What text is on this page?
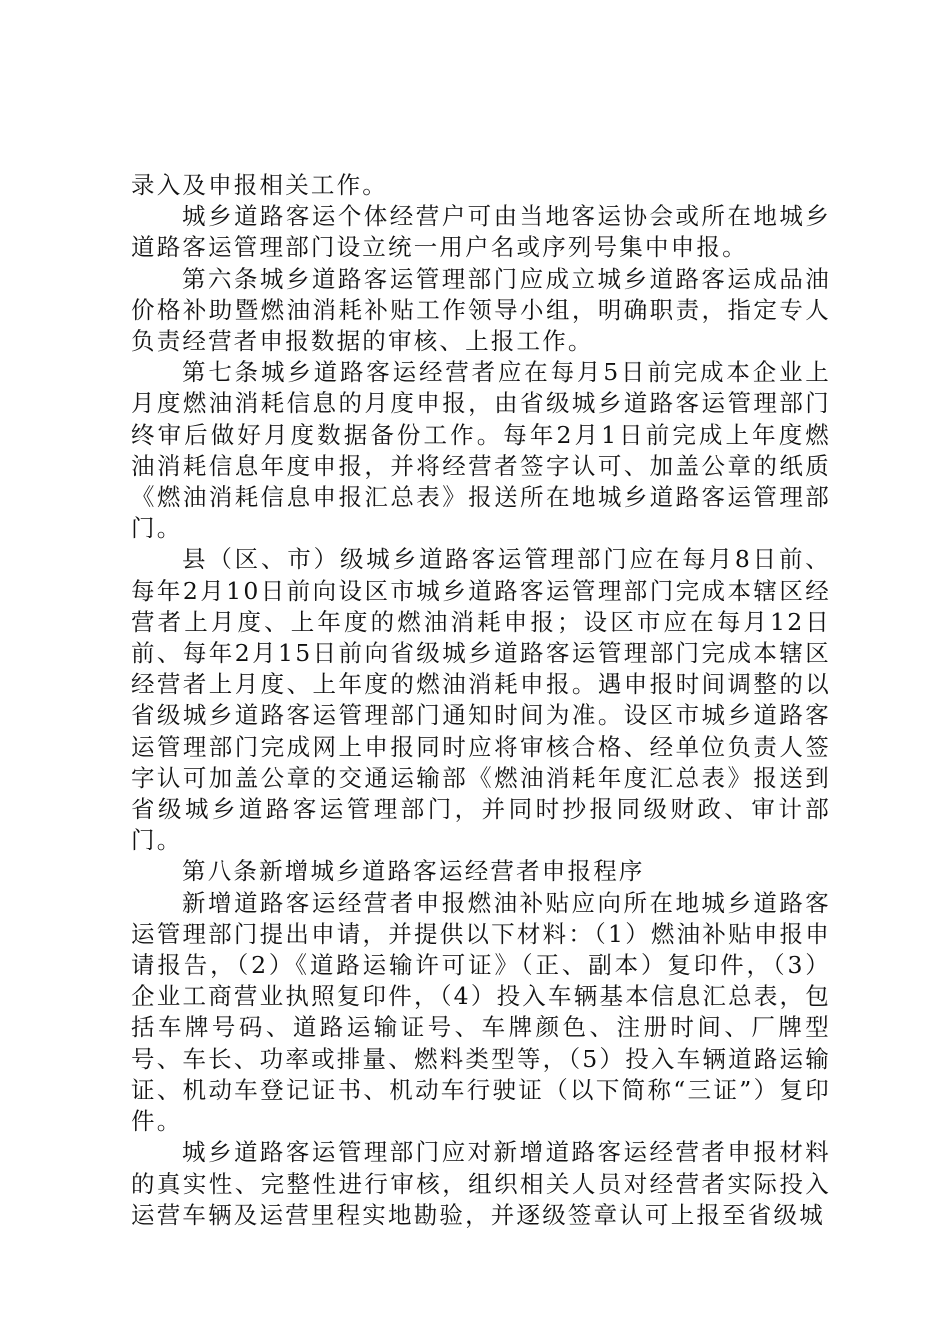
录入及申报相关工作。

城乡道路客运个体经营户可由当地客运协会或所在地城乡道路客运管理部门设立统一用户名或序列号集中申报。

第六条城乡道路客运管理部门应成立城乡道路客运成品油价格补助暨燃油消耗补贴工作领导小组，明确职责，指定专人负责经营者申报数据的审核、上报工作。

第七条城乡道路客运经营者应在每月5日前完成本企业上月度燃油消耗信息的月度申报，由省级城乡道路客运管理部门终审后做好月度数据备份工作。每年2月1日前完成上年度燃油消耗信息年度申报，并将经营者签字认可、加盖公章的纸质《燃油消耗信息申报汇总表》报送所在地城乡道路客运管理部门。

县（区、市）级城乡道路客运管理部门应在每月8日前、每年2月10日前向设区市城乡道路客运管理部门完成本辖区经营者上月度、上年度的燃油消耗申报；设区市应在每月12日前、每年2月15日前向省级城乡道路客运管理部门完成本辖区经营者上月度、上年度的燃油消耗申报。遇申报时间调整的以省级城乡道路客运管理部门通知时间为准。设区市城乡道路客运管理部门完成网上申报同时应将审核合格、经单位负责人签字认可加盖公章的交通运输部《燃油消耗年度汇总表》报送到省级城乡道路客运管理部门，并同时抄报同级财政、审计部门。

第八条新增城乡道路客运经营者申报程序

新增道路客运经营者申报燃油补贴应向所在地城乡道路客运管理部门提出申请，并提供以下材料：（1）燃油补贴申报申请报告，（2）《道路运输许可证》（正、副本）复印件，（3）企业工商营业执照复印件，（4）投入车辆基本信息汇总表，包括车牌号码、道路运输证号、车牌颜色、注册时间、厂牌型号、车长、功率或排量、燃料类型等，（5）投入车辆道路运输证、机动车登记证书、机动车行驶证（以下简称“三证”）复印件。

城乡道路客运管理部门应对新增道路客运经营者申报材料的真实性、完整性进行审核，组织相关人员对经营者实际投入运营车辆及运营里程实地勘验，并逐级签章认可上报至省级城
